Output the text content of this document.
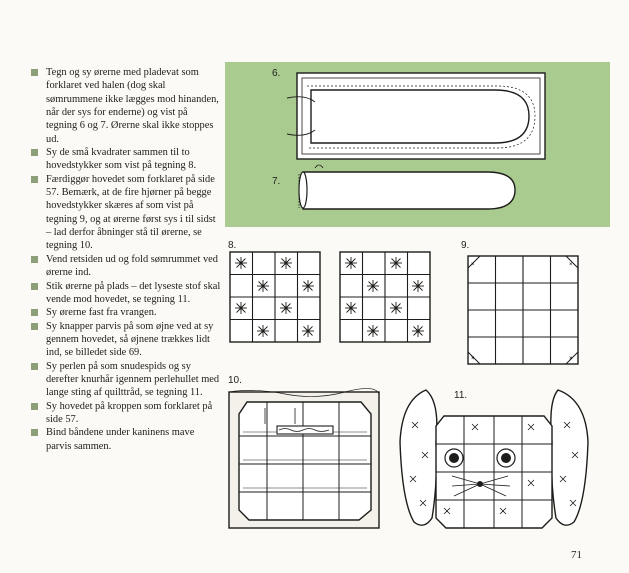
Tegn og sy ørerne med pladevat som forklaret ved halen (dog skal sømrummene ikke lægges mod hinanden, når der sys for enderne) og vist på tegning 6 og 7. Ørerne skal ikke stoppes ud.
Sy de små kvadrater sammen til to hovedstykker som vist på tegning 8.
Færdiggør hovedet som forklaret på side 57. Bemærk, at de fire hjørner på begge hovedstykker skæres af som vist på tegning 9, og at ørerne først sys i til sidst – lad derfor åbninger stå til ørerne, se tegning 10.
Vend retsiden ud og fold sømrummet ved ørerne ind.
Stik ørerne på plads – det lyseste stof skal vende mod hovedet, se tegning 11.
Sy ørerne fast fra vrangen.
Sy knapper parvis på som øjne ved at sy gennem hovedet, så øjnene trækkes lidt ind, se billedet side 69.
Sy perlen på som snudespids og sy derefter knurhår igennem perlehullet med lange sting af quilttråd, se tegning 11.
Sy hovedet på kroppen som forklaret på side 57.
Bind båndene under kaninens mave parvis sammen.
6.
7.
8.	9.
×	×
×	×
10.
11.
71
